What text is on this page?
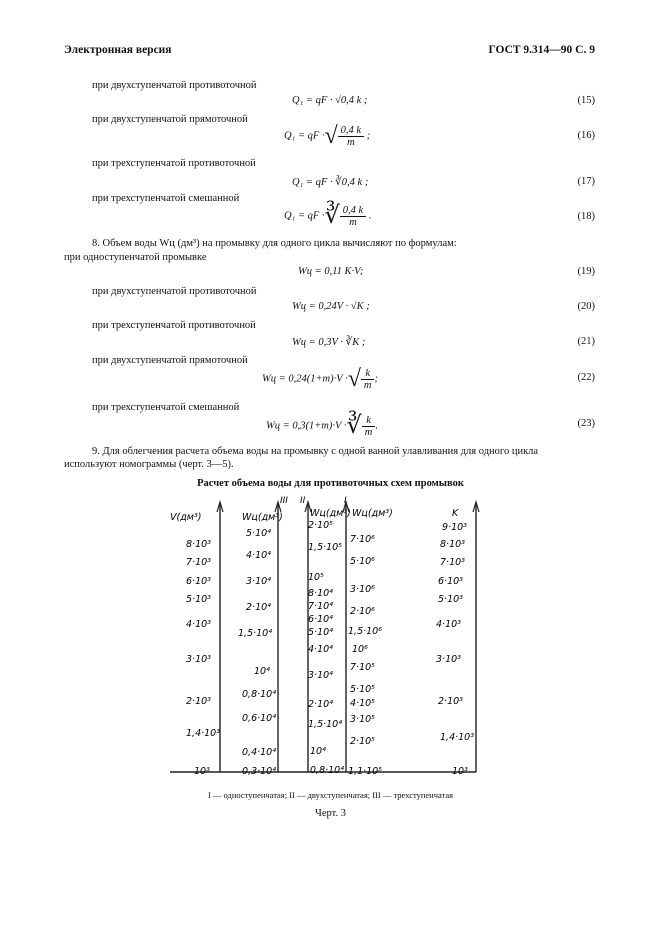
Электронная версия	ГОСТ 9.314—90 С. 9
при двухступенчатой противоточной
Q₁ = qF · √0,4 k ;	(15)
при двухступенчатой прямоточной
Q₁ = qF ·√ $\frac{0,4 k}{m}$ ;	(16)
при трехступенчатой противоточной
Q₁ = qF · ∛0,4 k ;	(17)
при трехступенчатой смешанной
Q₁ = qF ·∛ $\frac{0,4 k}{m}$ .	(18)
8. Объем воды Wц (дм³) на промывку для одного цикла вычисляют по формулам:
при одноступенчатой промывке
Wц = 0,11 K·V;	(19)
при двухступенчатой противоточной
Wц = 0,24V · √K ;	(20)
при трехступенчатой противоточной
Wц = 0,3V · ∛K ;	(21)
при двухступенчатой прямоточной
Wц = 0,24(1+m)·V ·√ $\frac{k}{m}$ ;	(22)
при трехступенчатой смешанной
Wц = 0,3(1+m)·V ·∛ $\frac{k}{m}$ .	(23)
9. Для облегчения расчета объема воды на промывку с одной ванной улавливания для одного цикла
используют номограммы (черт. 3—5).
Расчет объема воды для противоточных схем промывок
III II	I
V(дм³)	Wц(дм³)	Wц(дм³) Wц(дм³)	K
8·10³
7·10³
6·10³
5·10³
4·10³
3·10³
2·10³
1,4·10³
10³
5·10⁴
4·10⁴
3·10⁴
2·10⁴
1,5·10⁴
10⁴
0,8·10⁴
0,6·10⁴
0,4·10⁴
0,3·10⁴
2·10⁵
1,5·10⁵
10⁵
8·10⁴
7·10⁴
6·10⁴
5·10⁴
4·10⁴
3·10⁴
2·10⁴
1,5·10⁴
10⁴
0,8·10⁴
7·10⁶
5·10⁶
3·10⁶
2·10⁶
1,5·10⁶
10⁶
7·10⁵
5·10⁵
4·10⁵
3·10⁵
2·10⁵
1,1·10⁵
9·10³
8·10³
7·10³
6·10³
5·10³
4·10³
3·10³
2·10³
1,4·10³
10³
I — одноступенчатая; II — двухступенчатая; III — трехступенчатая
Черт. 3
